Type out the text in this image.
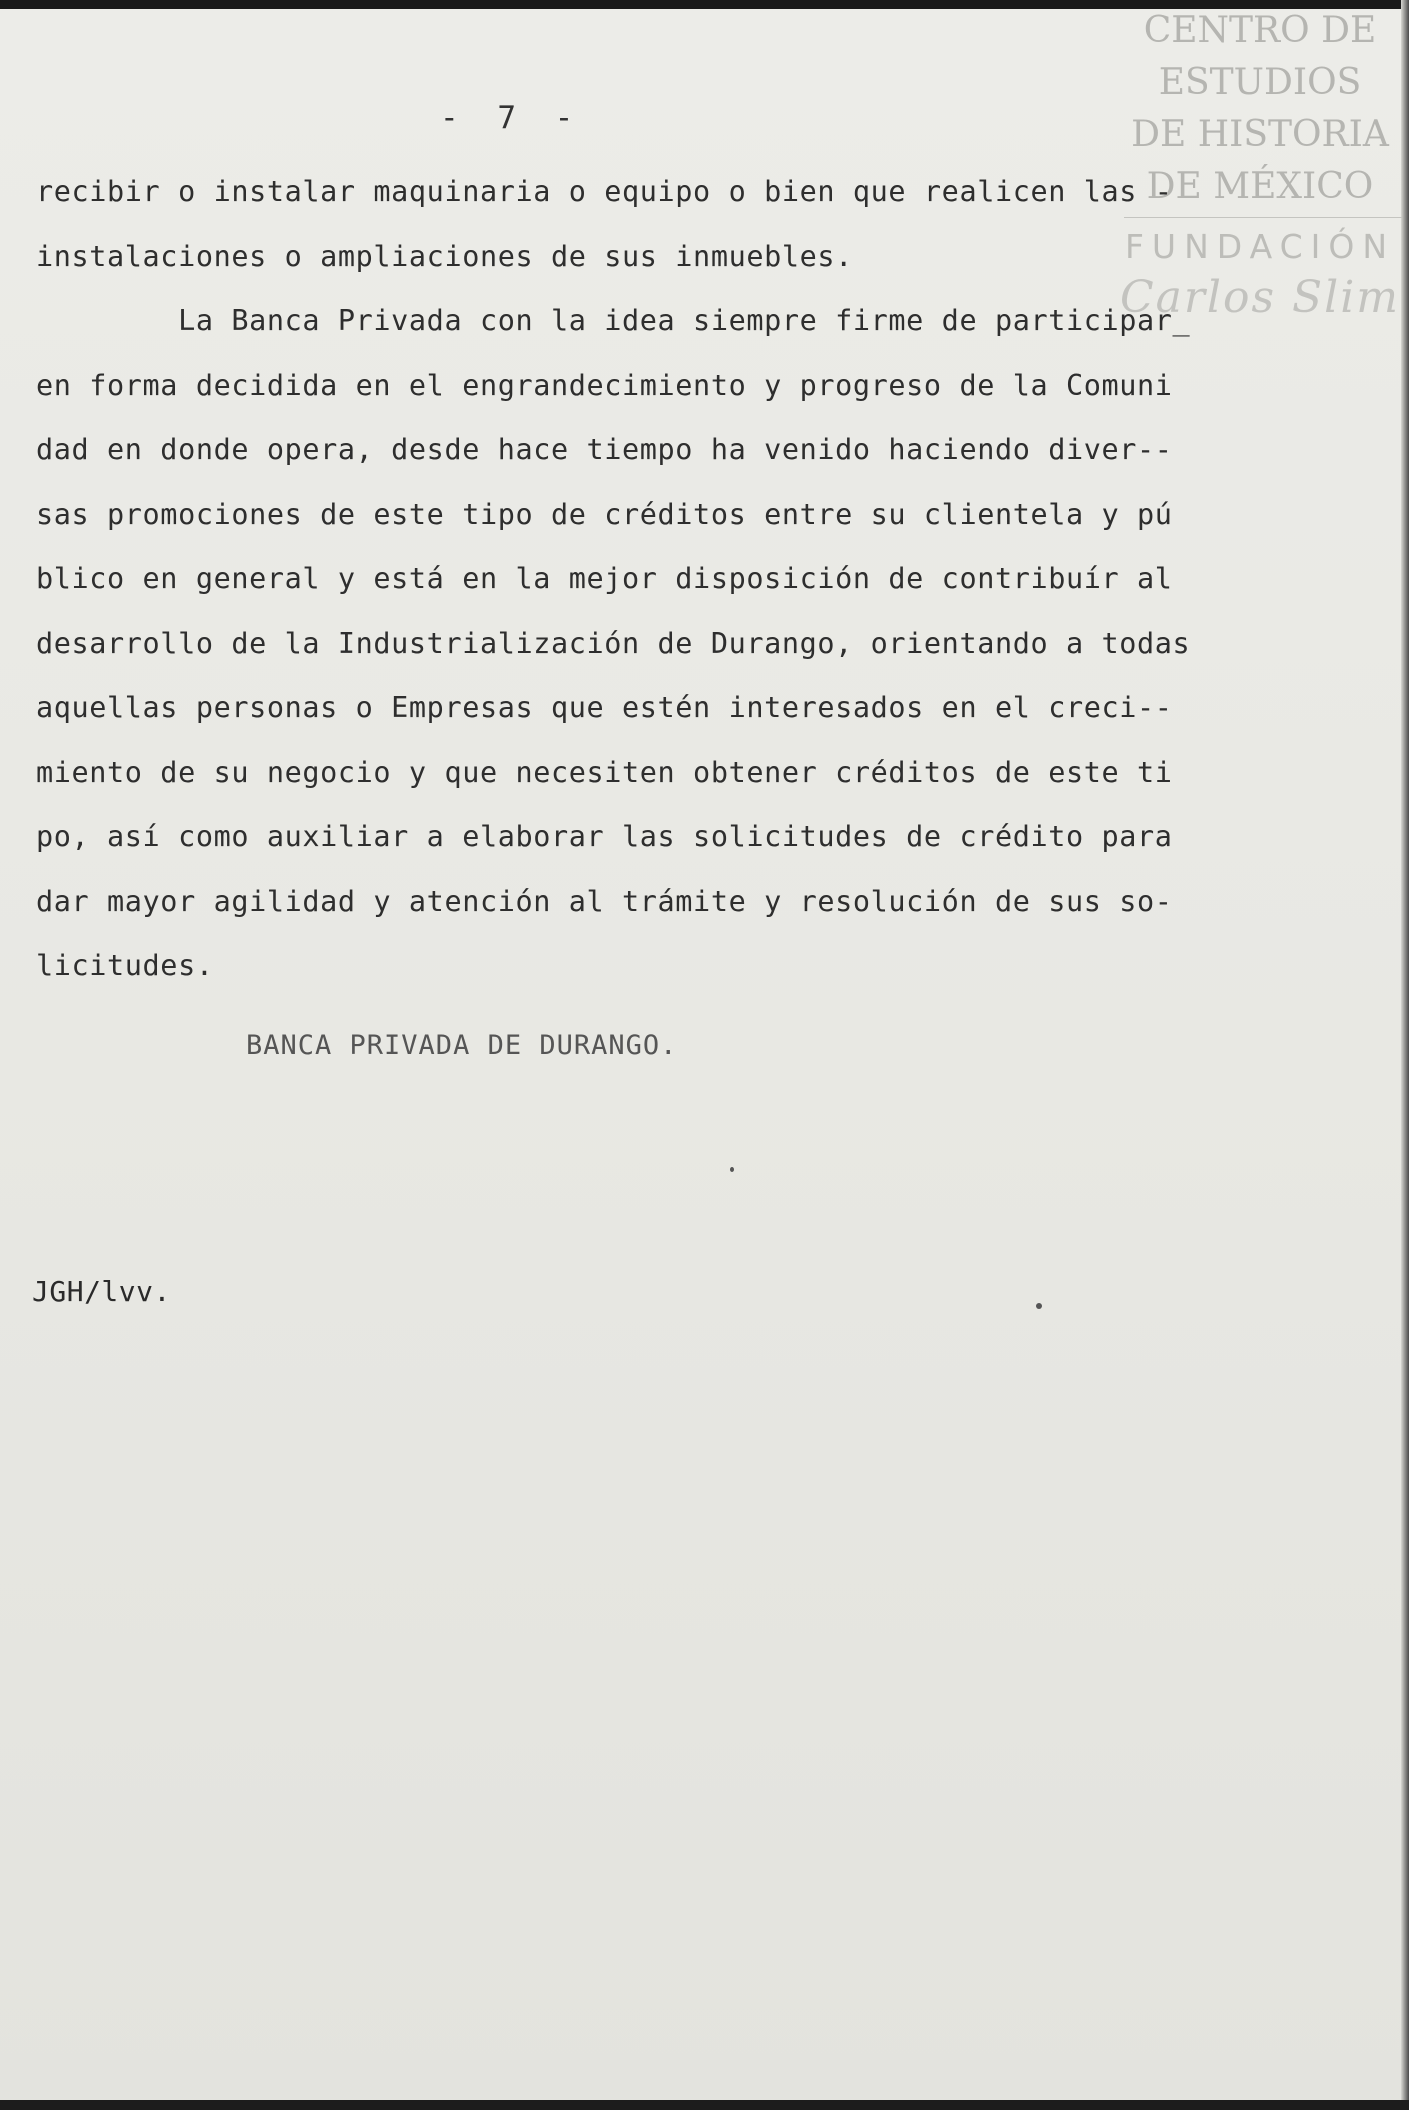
CENTRO DE
ESTUDIOS
DE HISTORIA
DE MÉXICO
FUNDACIÓN
Carlos Slim
- 7 -
recibir o instalar maquinaria o equipo o bien que realicen las -
instalaciones o ampliaciones de sus inmuebles.
La Banca Privada con la idea siempre firme de participar_
en forma decidida en el engrandecimiento y progreso de la Comuni
dad en donde opera, desde hace tiempo ha venido haciendo diver--
sas promociones de este tipo de créditos entre su clientela y pú
blico en general y está en la mejor disposición de contribuír al
desarrollo de la Industrialización de Durango, orientando a todas
aquellas personas o Empresas que estén interesados en el creci--
miento de su negocio y que necesiten obtener créditos de este ti
po, así como auxiliar a elaborar las solicitudes de crédito para
dar mayor agilidad y atención al trámite y resolución de sus so-
licitudes.
BANCA PRIVADA DE DURANGO.
JGH/lvv.
